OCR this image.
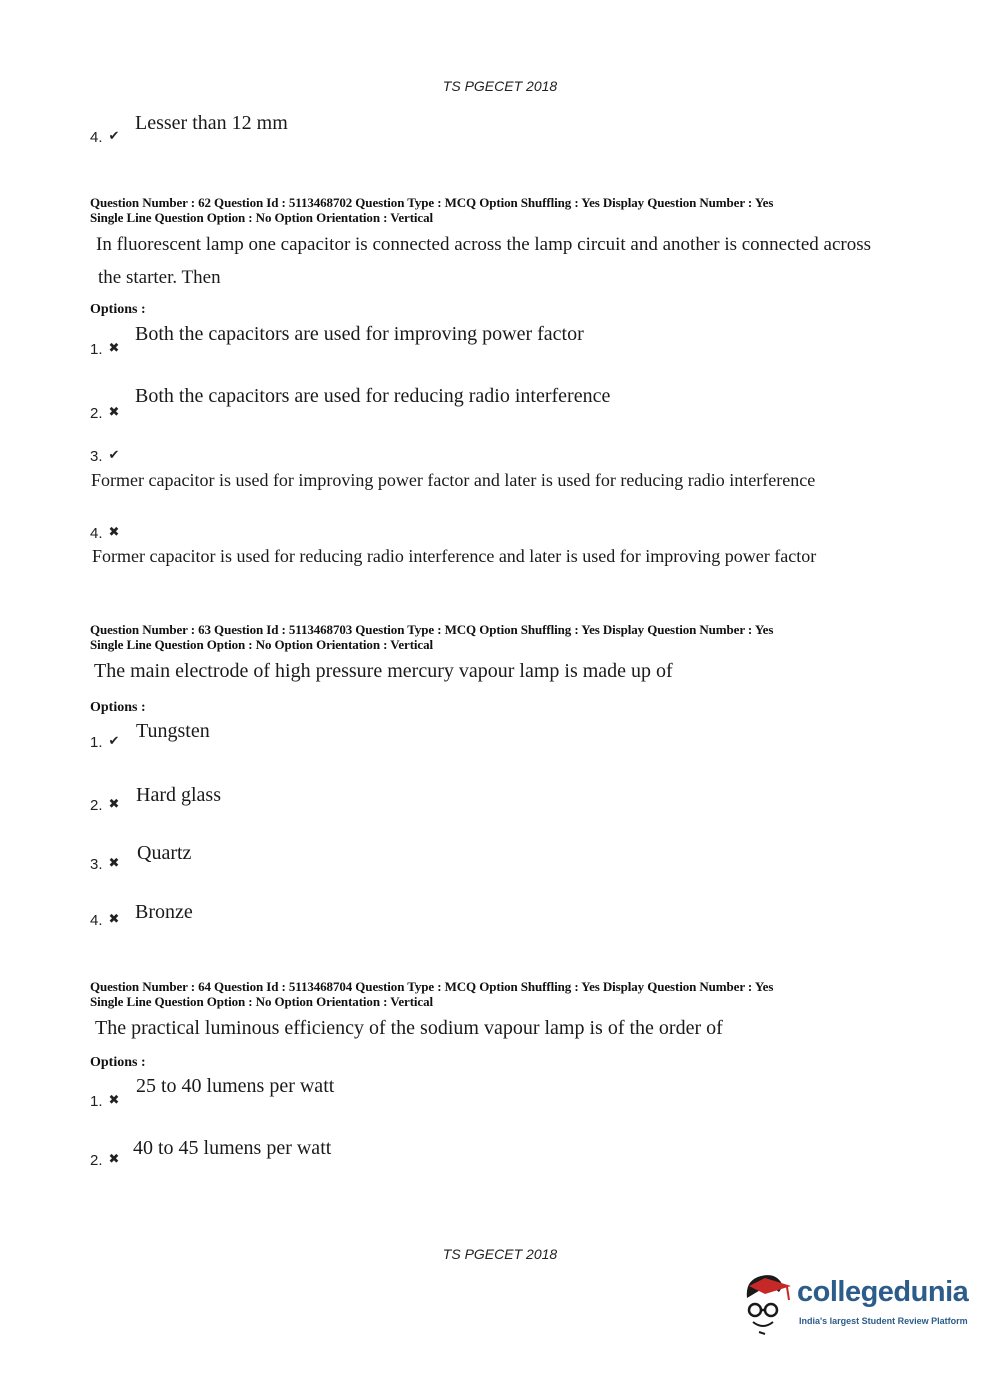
TS PGECET 2018
4. ✔
Lesser than 12 mm
Question Number : 62 Question Id : 5113468702 Question Type : MCQ Option Shuffling : Yes Display Question Number : Yes
Single Line Question Option : No Option Orientation : Vertical
In fluorescent lamp one capacitor is connected across the lamp circuit and another is connected across
the starter. Then
Options :
1. ✖
Both the capacitors are used for improving power factor
2. ✖
Both the capacitors are used for reducing radio interference
3. ✔
Former capacitor is used for improving power factor and later is used for reducing radio interference
4. ✖
Former capacitor is used for reducing radio interference and later is used for improving power factor
Question Number : 63 Question Id : 5113468703 Question Type : MCQ Option Shuffling : Yes Display Question Number : Yes
Single Line Question Option : No Option Orientation : Vertical
The main electrode of high pressure mercury vapour lamp is made up of
Options :
1. ✔ Tungsten
2. ✖ Hard glass
3. ✖ Quartz
4. ✖ Bronze
Question Number : 64 Question Id : 5113468704 Question Type : MCQ Option Shuffling : Yes Display Question Number : Yes
Single Line Question Option : No Option Orientation : Vertical
The practical luminous efficiency of the sodium vapour lamp is of the order of
Options :
1. ✖
25 to 40 lumens per watt
2. ✖ 40 to 45 lumens per watt
TS PGECET 2018
collegedunia
India's largest Student Review Platform
